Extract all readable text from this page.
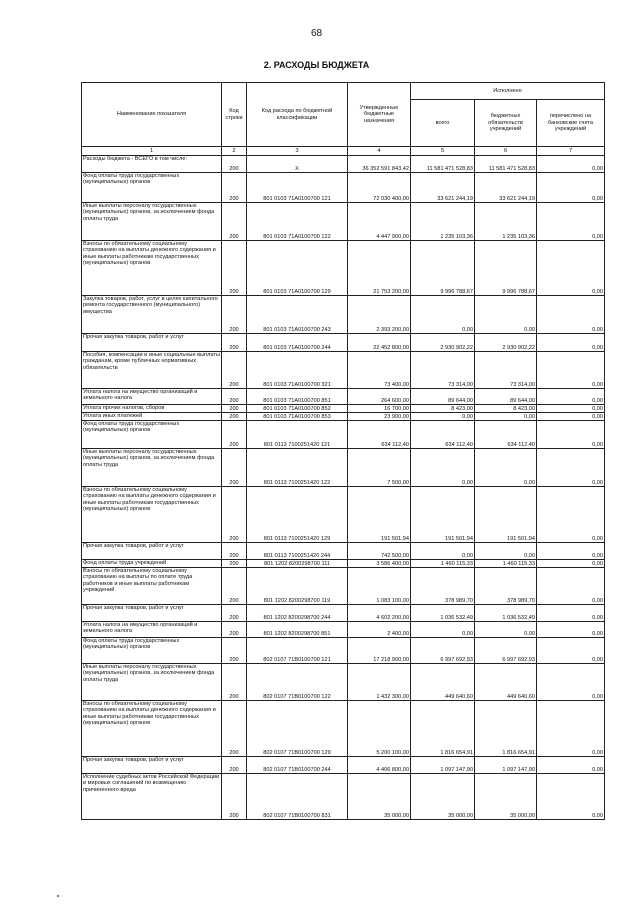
68
2. РАСХОДЫ БЮДЖЕТА
Наименование показателя	Код строки	Код расхода по бюджетной классификации	Утвержденные бюджетные назначения	Исполнено		
				всего	бюджетных обязательств учреждений	перечислено на банковские счета учреждений
1	2	3	4	5	6	7
Расходы бюджета - ВСЕГО в том числе:	200	X	36 352 591 843,42	11 581 471 528,83	11 581 471 528,83	0,00
Фонд оплаты труда государственных (муниципальных) органов	200	801 0103 71А0100700 121	72 030 400,00	33 621 244,19	33 621 244,19	0,00
Иные выплаты персоналу государственных (муниципальных) органов, за исключением фонда оплаты труда	200	801 0103 71А0100700 122	4 447 900,00	1 235 103,36	1 235 103,36	0,00
Взносы по обязательному социальному страхованию на выплаты денежного содержания и иные выплаты работникам государственных (муниципальных) органов	200	801 0103 71А0100700 129	21 753 200,00	9 996 788,67	9 996 788,67	0,00
Закупка товаров, работ, услуг в целях капитального ремонта государственного (муниципального) имущества	200	801 0103 71А0100700 243	2 393 200,00	0,00	0,00	0,00
Прочая закупка товаров, работ и услуг	200	801 0103 71А0100700 244	22 452 800,00	2 930 902,22	2 930 902,22	0,00
Пособия, компенсации и иные социальные выплаты гражданам, кроме публичных нормативных обязательств	200	801 0103 71А0100700 321	73 400,00	73 314,00	73 314,00	0,00
Уплата налога на имущество организаций и земельного налога	200	801 0103 71А0100700 851	264 600,00	89 644,00	89 644,00	0,00
Уплата прочих налогов, сборов	200	801 0103 71А0100700 852	16 700,00	8 423,00	8 423,00	0,00
Уплата иных платежей	200	801 0103 71А0100700 853	23 900,00	0,00	0,00	0,00
Фонд оплаты труда государственных (муниципальных) органов	200	801 0113 7100251420 121	634 112,40	634 112,40	634 112,40	0,00
Иные выплаты персоналу государственных (муниципальных) органов, за исключением фонда оплаты труда	200	801 0113 7100251420 122	7 500,00	0,00	0,00	0,00
Взносы по обязательному социальному страхованию на выплаты денежного содержания и иные выплаты работникам государственных (муниципальных) органов	200	801 0113 7100251420 129	191 501,94	191 501,94	191 501,94	0,00
Прочая закупка товаров, работ и услуг	200	801 0113 7100251420 244	742 500,00	0,00	0,00	0,00
Фонд оплаты труда учреждений	200	801 1202 8200298700 111	3 586 400,00	1 460 115,33	1 460 115,33	0,00
Взносы по обязательному социальному страхованию на выплаты по оплате труда работников и иные выплаты работникам учреждений	200	801 1202 8200298700 119	1 083 100,00	378 989,70	378 989,70	0,00
Прочая закупка товаров, работ и услуг	200	801 1202 8200298700 244	4 602 200,00	1 036 532,49	1 036 532,49	0,00
Уплата налога на имущество организаций и земельного налога	200	801 1202 8200298700 851	2 400,00	0,00	0,00	0,00
Фонд оплаты труда государственных (муниципальных) органов	200	802 0107 71В0100700 121	17 218 900,00	6 997 692,93	6 997 692,93	0,00
Иные выплаты персоналу государственных (муниципальных) органов, за исключением фонда оплаты труда	200	802 0107 71В0100700 122	1 432 300,00	449 640,60	449 640,60	0,00
Взносы по обязательному социальному страхованию на выплаты денежного содержания и иные выплаты работникам государственных (муниципальных) органов	200	802 0107 71В0100700 129	5 200 100,00	1 816 654,91	1 816 654,91	0,00
Прочая закупка товаров, работ и услуг	200	802 0107 71В0100700 244	4 406 800,00	1 097 147,90	1 097 147,90	0,00
Исполнение судебных актов Российской Федерации и мировых соглашений по возмещению причиненного вреда	200	802 0107 71В0100700 831	35 000,00	35 000,00	35 000,00	0,00
